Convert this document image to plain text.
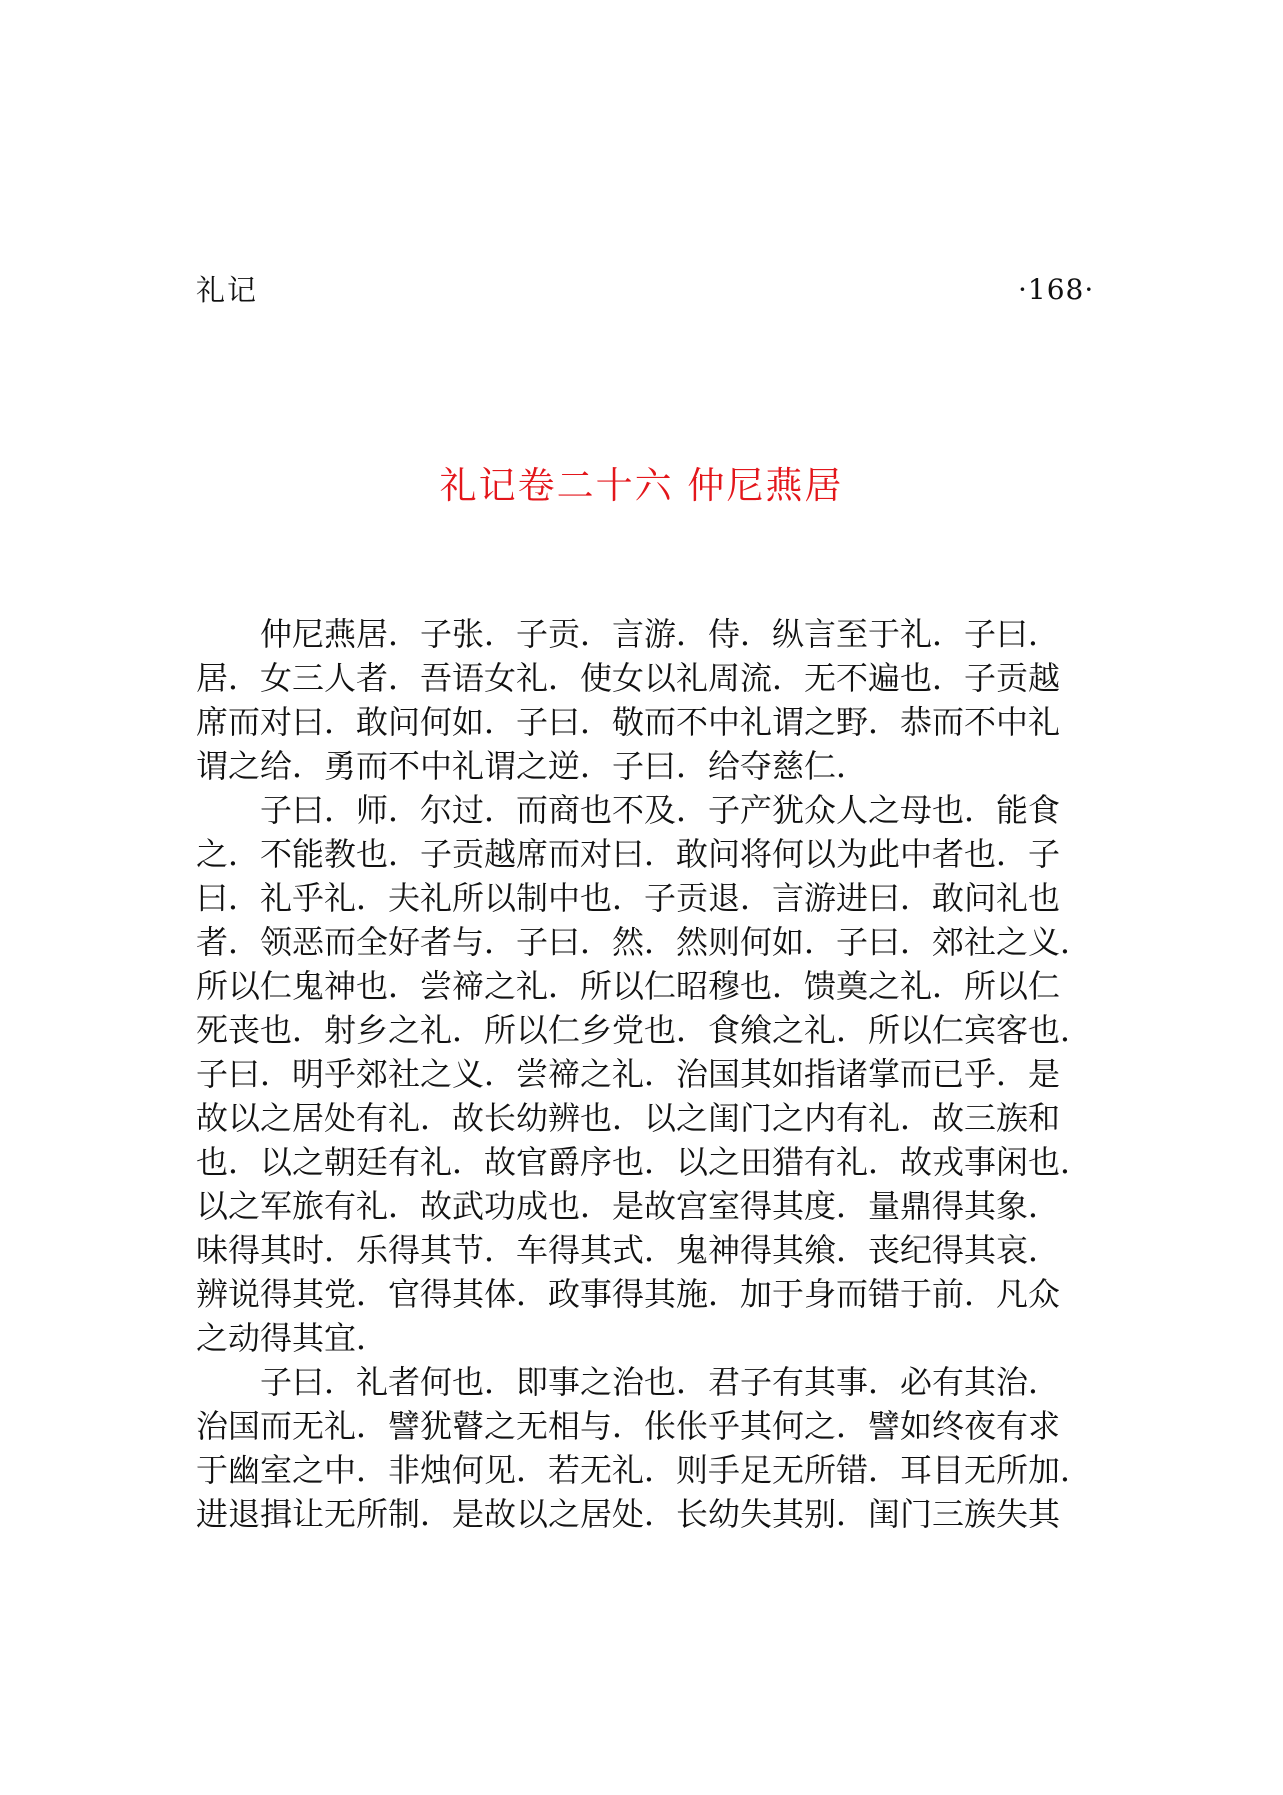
礼记	·168·
礼记卷二十六 仲尼燕居
仲尼燕居．子张．子贡．言游．侍．纵言至于礼．子曰．
居．女三人者．吾语女礼．使女以礼周流．无不遍也．子贡越
席而对曰．敢问何如．子曰．敬而不中礼谓之野．恭而不中礼
谓之给．勇而不中礼谓之逆．子曰．给夺慈仁．
子曰．师．尔过．而商也不及．子产犹众人之母也．能食
之．不能教也．子贡越席而对曰．敢问将何以为此中者也．子
曰．礼乎礼．夫礼所以制中也．子贡退．言游进曰．敢问礼也
者．领恶而全好者与．子曰．然．然则何如．子曰．郊社之义．
所以仁鬼神也．尝禘之礼．所以仁昭穆也．馈奠之礼．所以仁
死丧也．射乡之礼．所以仁乡党也．食飨之礼．所以仁宾客也．
子曰．明乎郊社之义．尝禘之礼．治国其如指诸掌而已乎．是
故以之居处有礼．故长幼辨也．以之闺门之内有礼．故三族和
也．以之朝廷有礼．故官爵序也．以之田猎有礼．故戎事闲也．
以之军旅有礼．故武功成也．是故宫室得其度．量鼎得其象．
味得其时．乐得其节．车得其式．鬼神得其飨．丧纪得其哀．
辨说得其党．官得其体．政事得其施．加于身而错于前．凡众
之动得其宜．
子曰．礼者何也．即事之治也．君子有其事．必有其治．
治国而无礼．譬犹瞽之无相与．伥伥乎其何之．譬如终夜有求
于幽室之中．非烛何见．若无礼．则手足无所错．耳目无所加．
进退揖让无所制．是故以之居处．长幼失其别．闺门三族失其
